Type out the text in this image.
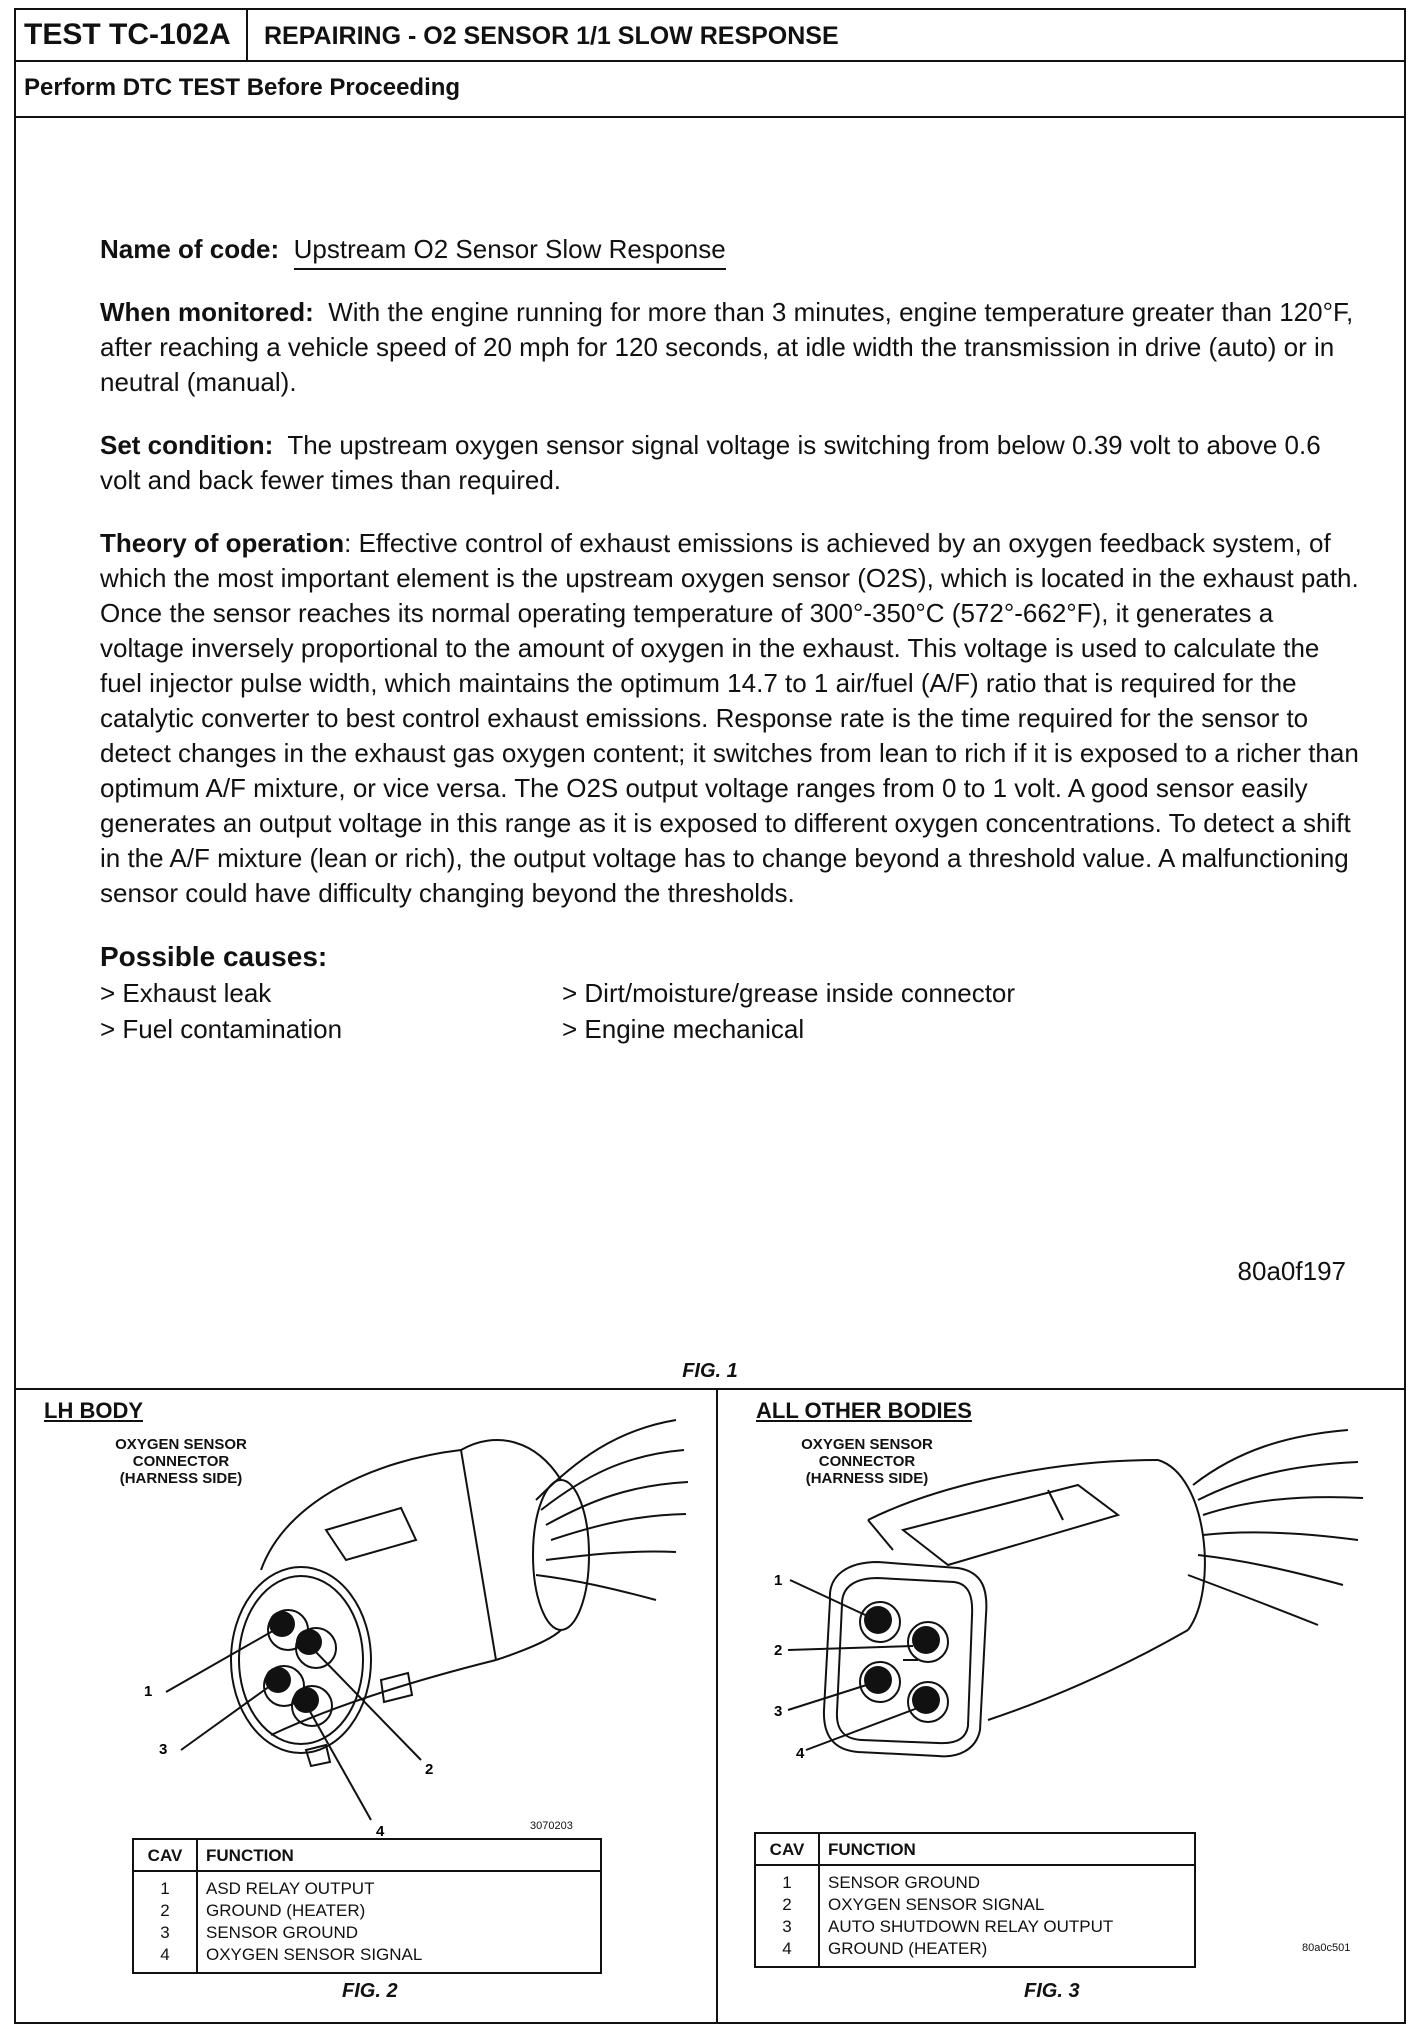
TEST TC-102A	REPAIRING - O2 SENSOR 1/1 SLOW RESPONSE
Perform DTC TEST Before Proceeding

Name of code: Upstream O2 Sensor Slow Response

When monitored: With the engine running for more than 3 minutes, engine temperature greater than 120°F, after reaching a vehicle speed of 20 mph for 120 seconds, at idle width the transmission in drive (auto) or in neutral (manual).

Set condition: The upstream oxygen sensor signal voltage is switching from below 0.39 volt to above 0.6 volt and back fewer times than required.

Theory of operation: Effective control of exhaust emissions is achieved by an oxygen feedback system, of which the most important element is the upstream oxygen sensor (O2S), which is located in the exhaust path. Once the sensor reaches its normal operating temperature of 300°-350°C (572°-662°F), it generates a voltage inversely proportional to the amount of oxygen in the exhaust. This voltage is used to calculate the fuel injector pulse width, which maintains the optimum 14.7 to 1 air/fuel (A/F) ratio that is required for the catalytic converter to best control exhaust emissions. Response rate is the time required for the sensor to detect changes in the exhaust gas oxygen content; it switches from lean to rich if it is exposed to a richer than optimum A/F mixture, or vice versa. The O2S output voltage ranges from 0 to 1 volt. A good sensor easily generates an output voltage in this range as it is exposed to different oxygen concentrations. To detect a shift in the A/F mixture (lean or rich), the output voltage has to change beyond a threshold value. A malfunctioning sensor could have difficulty changing beyond the thresholds.

Possible causes:
> Exhaust leak	> Dirt/moisture/grease inside connector
> Fuel contamination	> Engine mechanical
80a0f197
FIG. 1
LH BODY
OXYGEN SENSOR
CONNECTOR
(HARNESS SIDE)
1
3
2
4	3070203
CAV	FUNCTION
1	ASD RELAY OUTPUT
2	GROUND (HEATER)
3	SENSOR GROUND
4	OXYGEN SENSOR SIGNAL
FIG. 2
ALL OTHER BODIES
OXYGEN SENSOR
CONNECTOR
(HARNESS SIDE)
1
2
3
4
CAV	FUNCTION
1	SENSOR GROUND
2	OXYGEN SENSOR SIGNAL
3	AUTO SHUTDOWN RELAY OUTPUT
4	GROUND (HEATER)	80a0c501
FIG. 3
